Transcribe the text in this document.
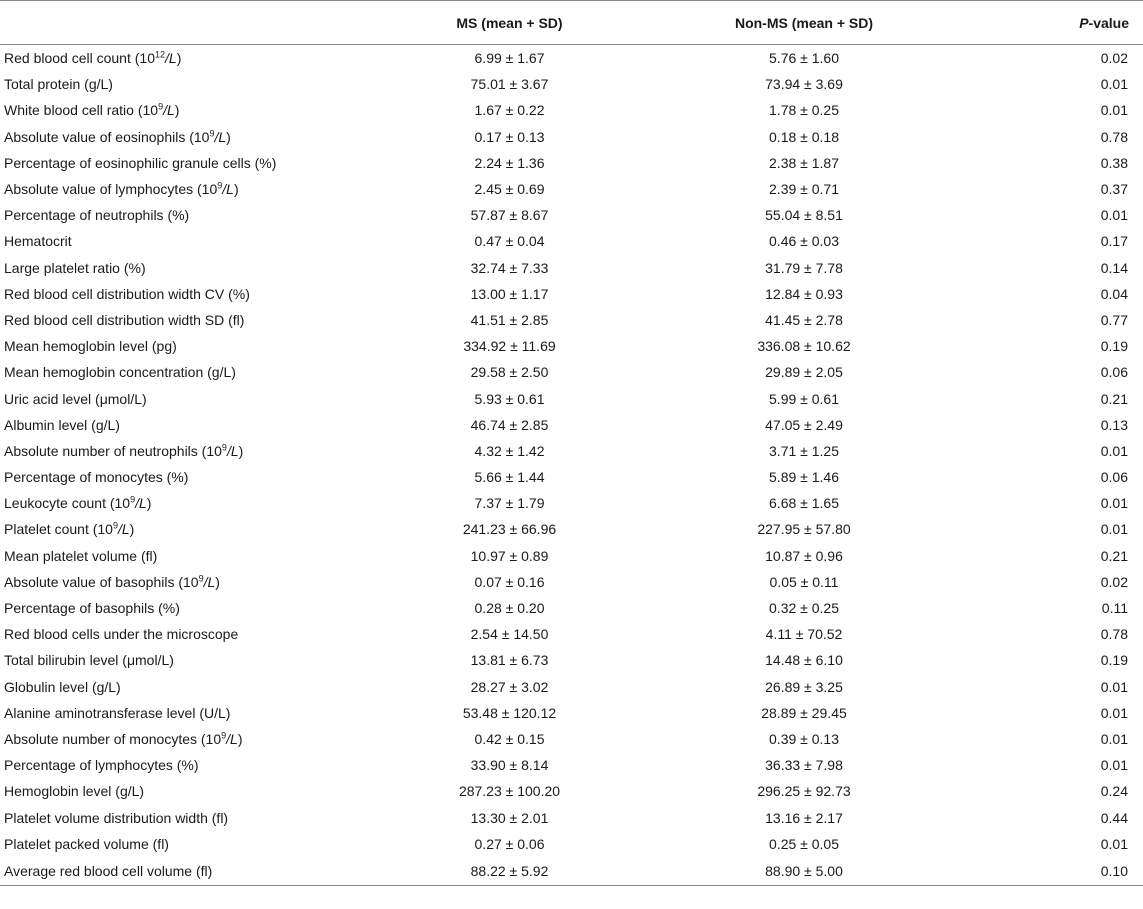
	MS (mean + SD)	Non-MS (mean + SD)	P-value
Red blood cell count $(10^{12}/L)$	6.99 ± 1.67	5.76 ± 1.60	0.02
Total protein (g/L)	75.01 ± 3.67	73.94 ± 3.69	0.01
White blood cell ratio $(10^9/L)$	1.67 ± 0.22	1.78 ± 0.25	0.01
Absolute value of eosinophils $(10^9/L)$	0.17 ± 0.13	0.18 ± 0.18	0.78
Percentage of eosinophilic granule cells (%)	2.24 ± 1.36	2.38 ± 1.87	0.38
Absolute value of lymphocytes $(10^9/L)$	2.45 ± 0.69	2.39 ± 0.71	0.37
Percentage of neutrophils (%)	57.87 ± 8.67	55.04 ± 8.51	0.01
Hematocrit	0.47 ± 0.04	0.46 ± 0.03	0.17
Large platelet ratio (%)	32.74 ± 7.33	31.79 ± 7.78	0.14
Red blood cell distribution width CV (%)	13.00 ± 1.17	12.84 ± 0.93	0.04
Red blood cell distribution width SD (fl)	41.51 ± 2.85	41.45 ± 2.78	0.77
Mean hemoglobin level (pg)	334.92 ± 11.69	336.08 ± 10.62	0.19
Mean hemoglobin concentration (g/L)	29.58 ± 2.50	29.89 ± 2.05	0.06
Uric acid level (μmol/L)	5.93 ± 0.61	5.99 ± 0.61	0.21
Albumin level (g/L)	46.74 ± 2.85	47.05 ± 2.49	0.13
Absolute number of neutrophils $(10^9/L)$	4.32 ± 1.42	3.71 ± 1.25	0.01
Percentage of monocytes (%)	5.66 ± 1.44	5.89 ± 1.46	0.06
Leukocyte count $(10^9/L)$	7.37 ± 1.79	6.68 ± 1.65	0.01
Platelet count $(10^9/L)$	241.23 ± 66.96	227.95 ± 57.80	0.01
Mean platelet volume (fl)	10.97 ± 0.89	10.87 ± 0.96	0.21
Absolute value of basophils $(10^9/L)$	0.07 ± 0.16	0.05 ± 0.11	0.02
Percentage of basophils (%)	0.28 ± 0.20	0.32 ± 0.25	0.11
Red blood cells under the microscope	2.54 ± 14.50	4.11 ± 70.52	0.78
Total bilirubin level (μmol/L)	13.81 ± 6.73	14.48 ± 6.10	0.19
Globulin level (g/L)	28.27 ± 3.02	26.89 ± 3.25	0.01
Alanine aminotransferase level (U/L)	53.48 ± 120.12	28.89 ± 29.45	0.01
Absolute number of monocytes $(10^9/L)$	0.42 ± 0.15	0.39 ± 0.13	0.01
Percentage of lymphocytes (%)	33.90 ± 8.14	36.33 ± 7.98	0.01
Hemoglobin level (g/L)	287.23 ± 100.20	296.25 ± 92.73	0.24
Platelet volume distribution width (fl)	13.30 ± 2.01	13.16 ± 2.17	0.44
Platelet packed volume (fl)	0.27 ± 0.06	0.25 ± 0.05	0.01
Average red blood cell volume (fl)	88.22 ± 5.92	88.90 ± 5.00	0.10
